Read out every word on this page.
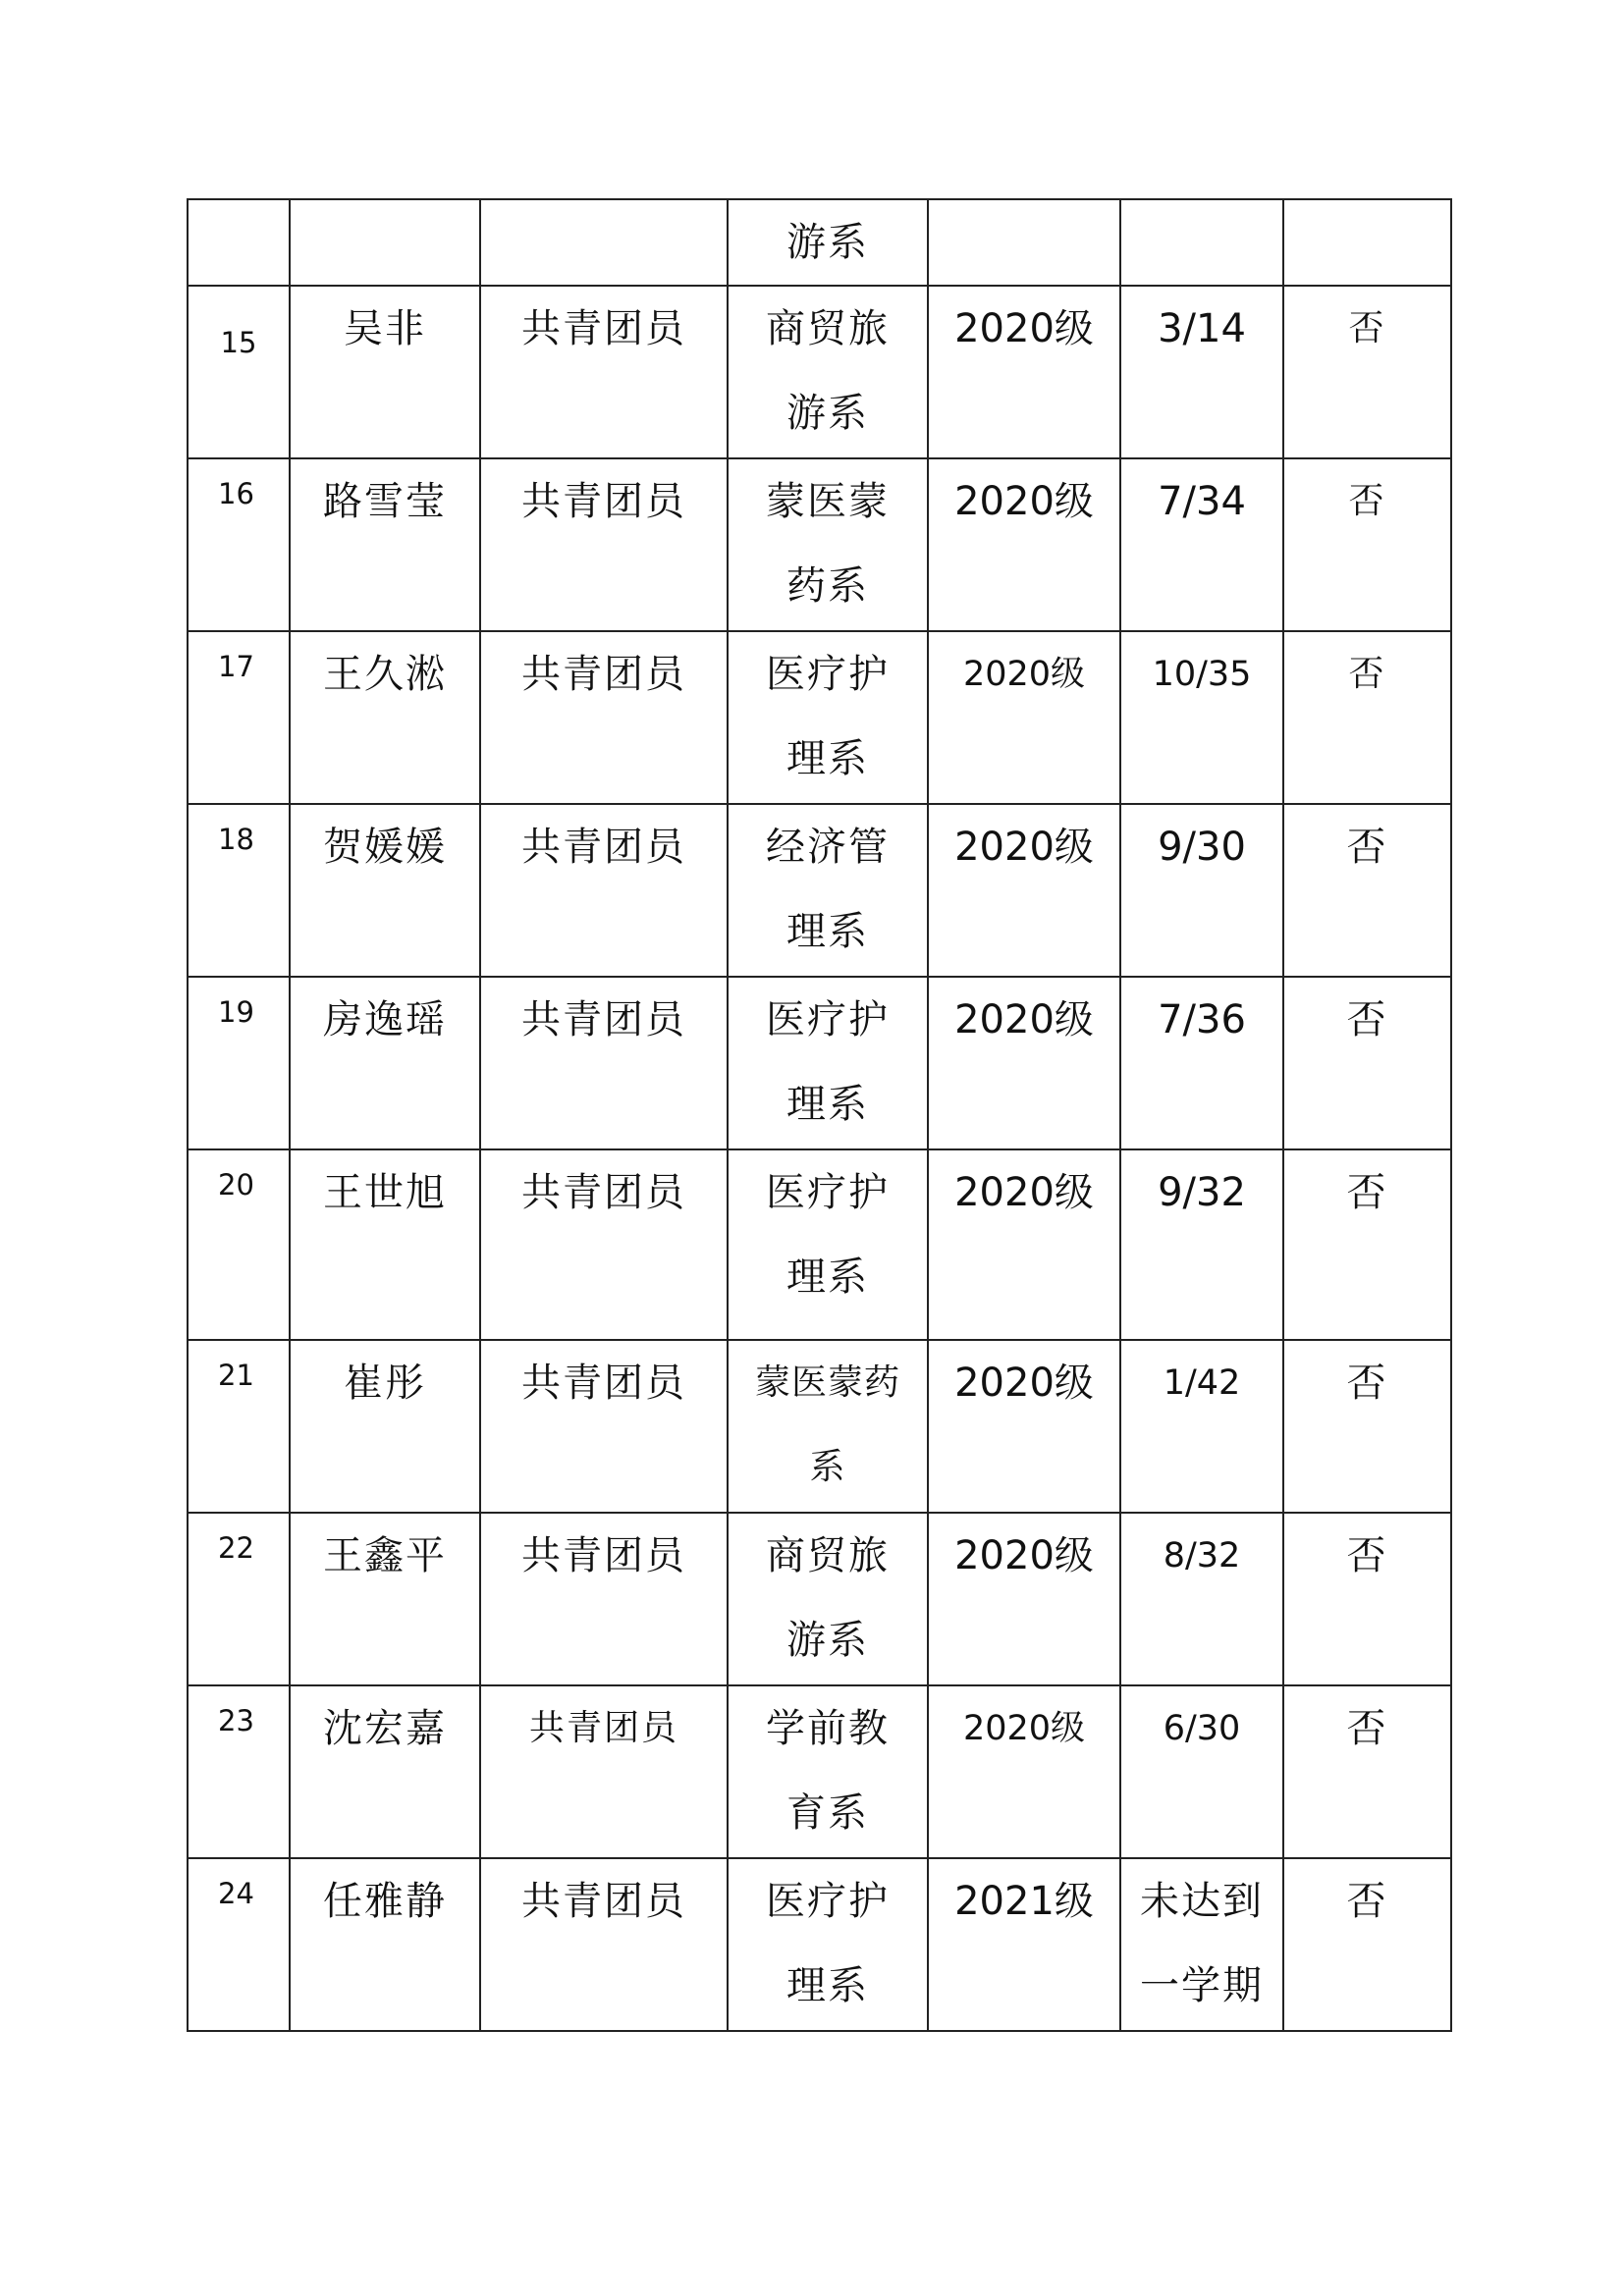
			游系			

15	吴非	共青团员	商贸旅游系	2020级	3/14	否

16	路雪莹	共青团员	蒙医蒙药系	2020级	7/34	否

17	王久淞	共青团员	医疗护理系	2020级	10/35	否

18	贺媛媛	共青团员	经济管理系	2020级	9/30	否

19	房逸瑶	共青团员	医疗护理系	2020级	7/36	否

20	王世旭	共青团员	医疗护理系	2020级	9/32	否

21	崔彤	共青团员	蒙医蒙药系	2020级	1/42	否

22	王鑫平	共青团员	商贸旅游系	2020级	8/32	否

23	沈宏嘉	共青团员	学前教育系	2020级	6/30	否

24	任雅静	共青团员	医疗护理系	2021级	未达到一学期	否
